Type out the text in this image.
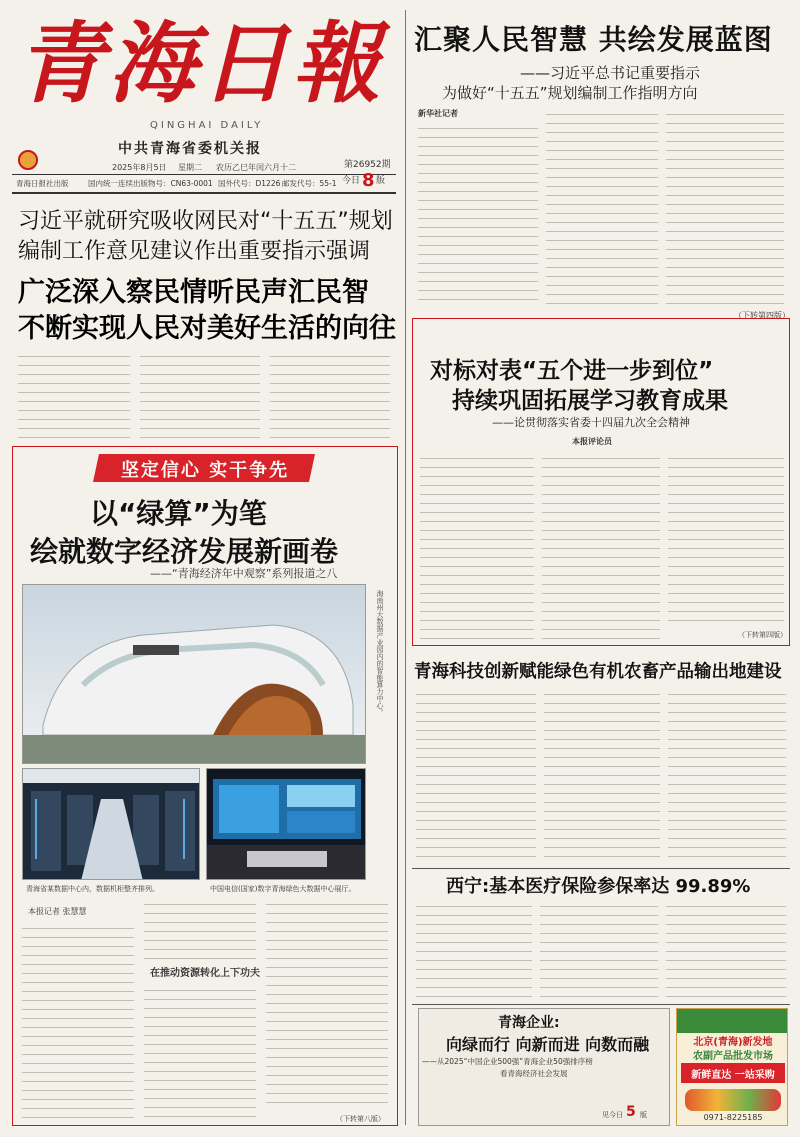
青海日報
QINGHAI DAILY
中共青海省委机关报
2025年8月5日 星期二 农历乙巳年闰六月十二	第26952期
青海日报社出版	国内统一连续出版物号：CN63-0001 国外代号：D1226 邮发代号：55-1 今日 8 版
汇聚人民智慧 共绘发展蓝图
——习近平总书记重要指示
为做好“十五五”规划编制工作指明方向
新华社记者
（下转第四版）
习近平就研究吸收网民对“十五五”规划
编制工作意见建议作出重要指示强调
广泛深入察民情听民声汇民智
不断实现人民对美好生活的向往
坚定信心 实干争先
以“绿算”为笔
绘就数字经济发展新画卷
——“青海经济年中观察”系列报道之八
海南州大数据产业园内的智能算力中心。
青海省某数据中心内，数据机柜整齐排列。	中国电信(国家)数字青海绿色大数据中心展厅。
本报记者 张慧慧
在推动资源转化上下功夫
（下转第八版）
对标对表“五个进一步到位”
持续巩固拓展学习教育成果
——论贯彻落实省委十四届九次全会精神
本报评论员
（下转第四版）
青海科技创新赋能绿色有机农畜产品输出地建设
西宁:基本医疗保险参保率达 99.89%
青海企业:
向绿而行 向新而进 向数而融
——从2025“中国企业500强”青海企业50强排序榜
看青海经济社会发展
见今日 5 版
北京(青海)新发地
农副产品批发市场
新鲜直达 一站采购
0971-8225185
